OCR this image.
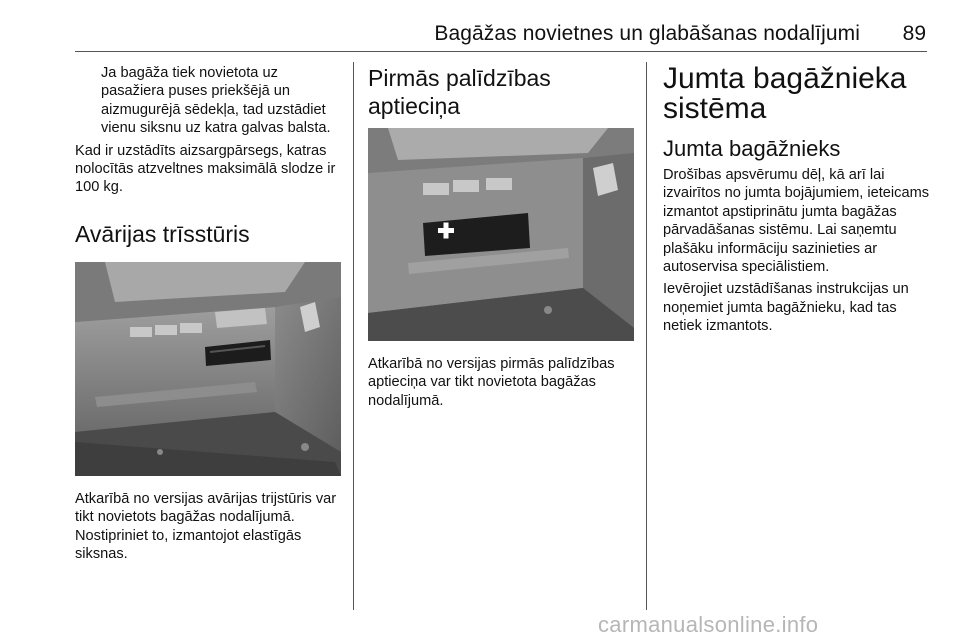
Bagāžas novietnes un glabāšanas nodalījumi	89

Ja bagāža tiek novietota uz pasažiera puses priekšējā un aizmugurējā sēdekļa, tad uzstādiet vienu siksnu uz katra galvas balsta.

Kad ir uzstādīts aizsargpārsegs, katras nolocītās atzveltnes maksimālā slodze ir 100 kg.

Avārijas trīsstūris

Atkarībā no versijas avārijas trijstūris var tikt novietots bagāžas nodalījumā. Nostipriniet to, izmantojot elastīgās siksnas.

Pirmās palīdzības aptieciņa

Atkarībā no versijas pirmās palīdzības aptieciņa var tikt novietota bagāžas nodalījumā.

Jumta bagāžnieka sistēma
Jumta bagāžnieks

Drošības apsvērumu dēļ, kā arī lai izvairītos no jumta bojājumiem, ieteicams izmantot apstiprinātu jumta bagāžas pārvadāšanas sistēmu. Lai saņemtu plašāku informāciju sazinieties ar autoservisa speciālistiem.

Ievērojiet uzstādīšanas instrukcijas un noņemiet jumta bagāžnieku, kad tas netiek izmantots.

carmanualsonline.info
